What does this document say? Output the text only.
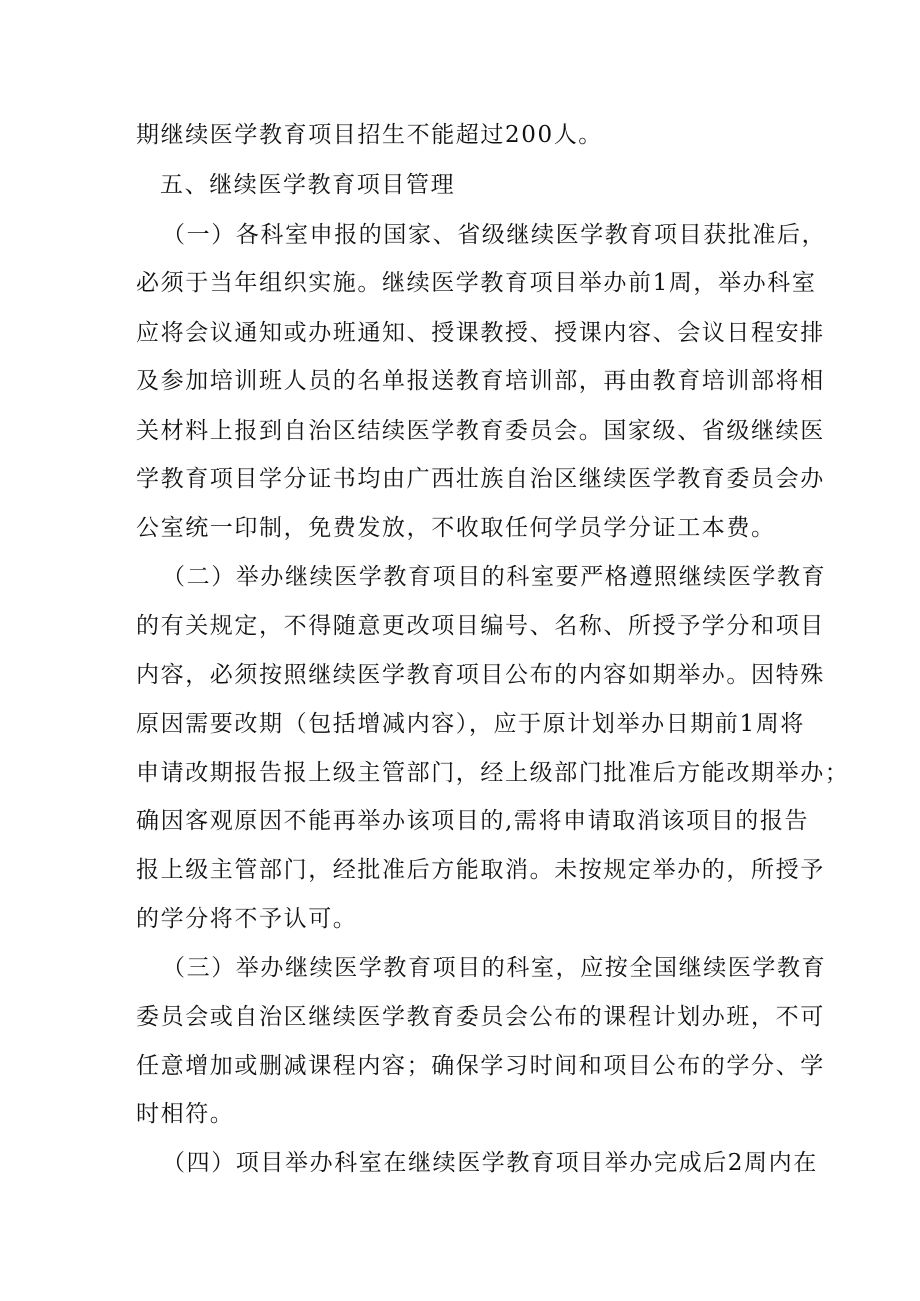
期继续医学教育项目招生不能超过200人。
五、继续医学教育项目管理
（一）各科室申报的国家、省级继续医学教育项目获批准后，
必须于当年组织实施。继续医学教育项目举办前1周，举办科室
应将会议通知或办班通知、授课教授、授课内容、会议日程安排
及参加培训班人员的名单报送教育培训部，再由教育培训部将相
关材料上报到自治区结续医学教育委员会。国家级、省级继续医
学教育项目学分证书均由广西壮族自治区继续医学教育委员会办
公室统一印制，免费发放，不收取任何学员学分证工本费。
（二）举办继续医学教育项目的科室要严格遵照继续医学教育
的有关规定，不得随意更改项目编号、名称、所授予学分和项目
内容，必须按照继续医学教育项目公布的内容如期举办。因特殊
原因需要改期（包括增减内容），应于原计划举办日期前1周将
申请改期报告报上级主管部门，经上级部门批准后方能改期举办；
确因客观原因不能再举办该项目的,需将申请取消该项目的报告
报上级主管部门，经批准后方能取消。未按规定举办的，所授予
的学分将不予认可。
（三）举办继续医学教育项目的科室，应按全国继续医学教育
委员会或自治区继续医学教育委员会公布的课程计划办班，不可
任意增加或删减课程内容；确保学习时间和项目公布的学分、学
时相符。
（四）项目举办科室在继续医学教育项目举办完成后2周内在
